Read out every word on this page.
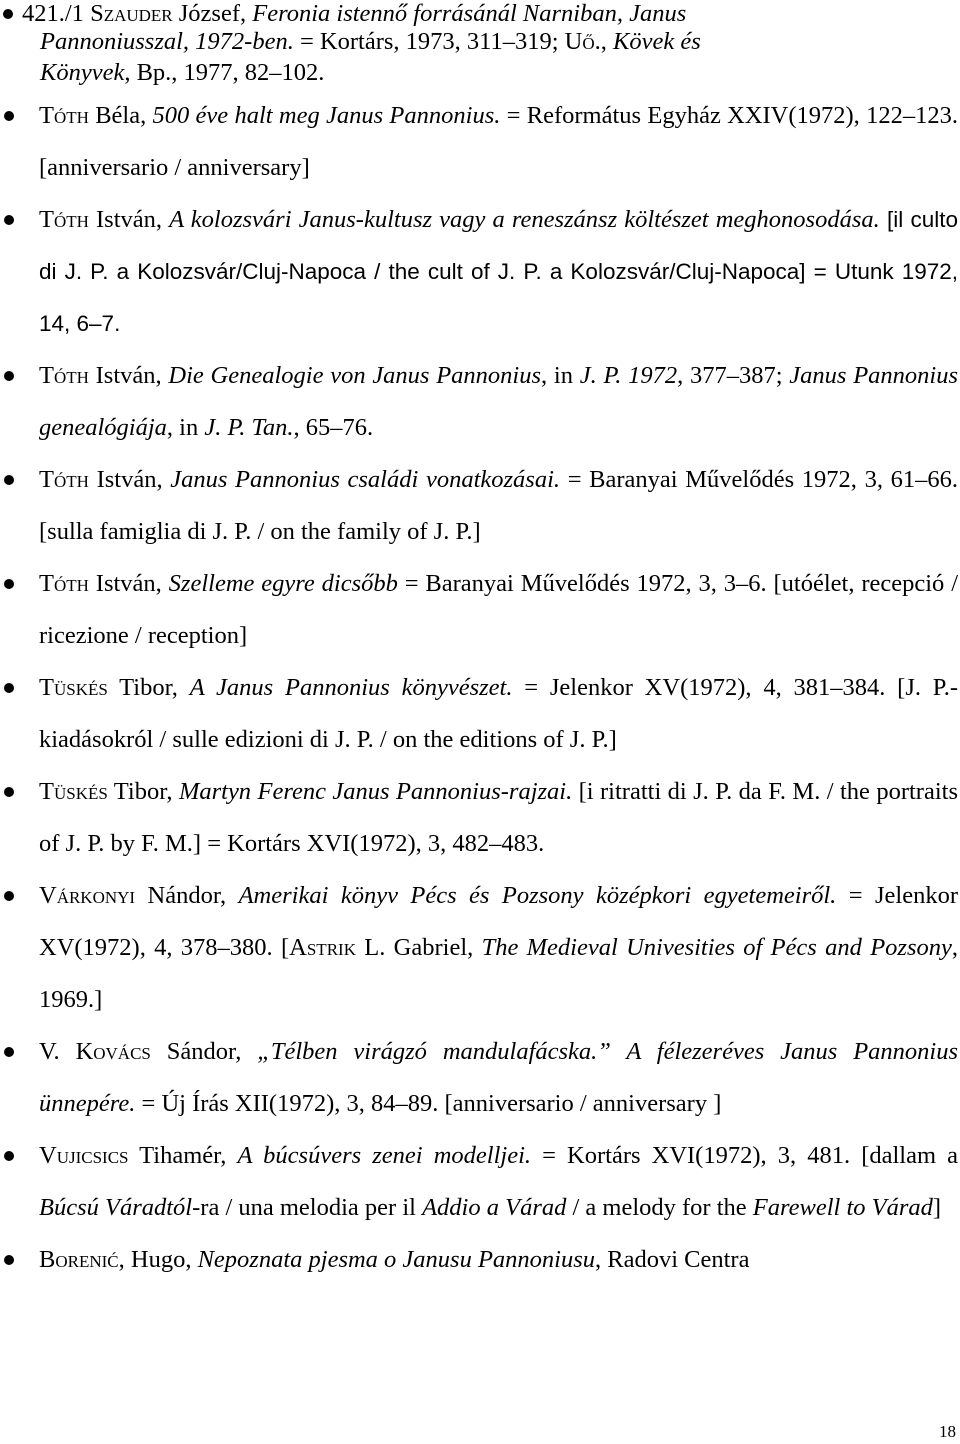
421./1 Szauder József, Feronia istennő forrásánál Narniban, Janus
Pannoniusszal, 1972-ben. = Kortárs, 1973, 311–319; Uő., Kövek és
Könyvek, Bp., 1977, 82–102.
Tóth Béla, 500 éve halt meg Janus Pannonius. = Református Egyház XXIV(1972), 122–123. [anniversario / anniversary]
Tóth István, A kolozsvári Janus-kultusz vagy a reneszánsz költészet meghonosodása. [il culto di J. P. a Kolozsvár/Cluj-Napoca / the cult of J. P. a Kolozsvár/Cluj-Napoca] = Utunk 1972, 14, 6–7.
Tóth István, Die Genealogie von Janus Pannonius, in J. P. 1972, 377–387; Janus Pannonius genealógiája, in J. P. Tan., 65–76.
Tóth István, Janus Pannonius családi vonatkozásai. = Baranyai Művelődés 1972, 3, 61–66. [sulla famiglia di J. P. / on the family of J. P.]
Tóth István, Szelleme egyre dicsőbb = Baranyai Művelődés 1972, 3, 3–6. [utóélet, recepció / ricezione / reception]
Tüskés Tibor, A Janus Pannonius könyvészet. = Jelenkor XV(1972), 4, 381–384. [J. P.- kiadásokról / sulle edizioni di J. P. / on the editions of J. P.]
Tüskés Tibor, Martyn Ferenc Janus Pannonius-rajzai. [i ritratti di J. P. da F. M. / the portraits of J. P. by F. M.] = Kortárs XVI(1972), 3, 482–483.
Várkonyi Nándor, Amerikai könyv Pécs és Pozsony középkori egyetemeiről. = Jelenkor XV(1972), 4, 378–380. [Astrik L. Gabriel, The Medieval Univesities of Pécs and Pozsony, 1969.]
V. Kovács Sándor, „Télben virágzó mandulafácska.” A félezeréves Janus Pannonius ünnepére. = Új Írás XII(1972), 3, 84–89. [anniversario / anniversary ]
Vujicsics Tihamér, A búcsúvers zenei modelljei. = Kortárs XVI(1972), 3, 481. [dallam a Búcsú Váradtól-ra / una melodia per il Addio a Várad / a melody for the Farewell to Várad]
Borenić, Hugo, Nepoznata pjesma o Janusu Pannoniusu, Radovi Centra
18
